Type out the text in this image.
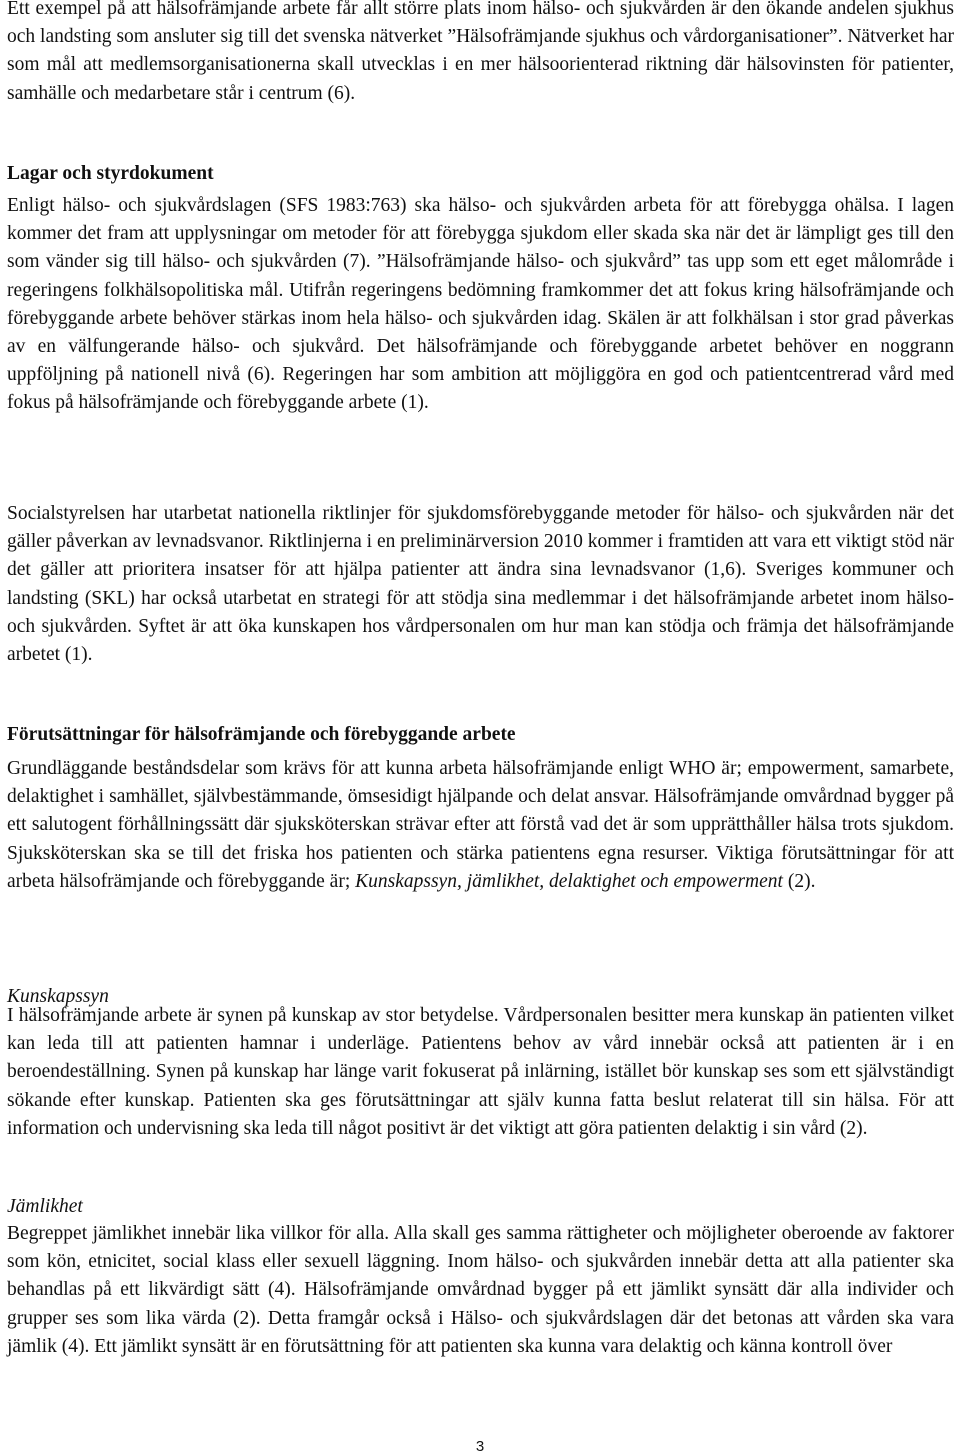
Ett exempel på att hälsofrämjande arbete får allt större plats inom hälso- och sjukvården är den ökande andelen sjukhus och landsting som ansluter sig till det svenska nätverket ”Hälsofrämjande sjukhus och vårdorganisationer”. Nätverket har som mål att medlemsorganisationerna skall utvecklas i en mer hälsoorienterad riktning där hälsovinsten för patienter, samhälle och medarbetare står i centrum (6).

Lagar och styrdokument

Enligt hälso- och sjukvårdslagen (SFS 1983:763) ska hälso- och sjukvården arbeta för att förebygga ohälsa. I lagen kommer det fram att upplysningar om metoder för att förebygga sjukdom eller skada ska när det är lämpligt ges till den som vänder sig till hälso- och sjukvården (7). ”Hälsofrämjande hälso- och sjukvård” tas upp som ett eget målområde i regeringens folkhälsopolitiska mål. Utifrån regeringens bedömning framkommer det att fokus kring hälsofrämjande och förebyggande arbete behöver stärkas inom hela hälso- och sjukvården idag. Skälen är att folkhälsan i stor grad påverkas av en välfungerande hälso- och sjukvård. Det hälsofrämjande och förebyggande arbetet behöver en noggrann uppföljning på nationell nivå (6). Regeringen har som ambition att möjliggöra en god och patientcentrerad vård med fokus på hälsofrämjande och förebyggande arbete (1).

Socialstyrelsen har utarbetat nationella riktlinjer för sjukdomsförebyggande metoder för hälso- och sjukvården när det gäller påverkan av levnadsvanor. Riktlinjerna i en preliminärversion 2010 kommer i framtiden att vara ett viktigt stöd när det gäller att prioritera insatser för att hjälpa patienter att ändra sina levnadsvanor (1,6). Sveriges kommuner och landsting (SKL) har också utarbetat en strategi för att stödja sina medlemmar i det hälsofrämjande arbetet inom hälso- och sjukvården. Syftet är att öka kunskapen hos vårdpersonalen om hur man kan stödja och främja det hälsofrämjande arbetet (1).

Förutsättningar för hälsofrämjande och förebyggande arbete

Grundläggande beståndsdelar som krävs för att kunna arbeta hälsofrämjande enligt WHO är; empowerment, samarbete, delaktighet i samhället, självbestämmande, ömsesidigt hjälpande och delat ansvar. Hälsofrämjande omvårdnad bygger på ett salutogent förhållningssätt där sjuksköterskan strävar efter att förstå vad det är som upprätthåller hälsa trots sjukdom. Sjuksköterskan ska se till det friska hos patienten och stärka patientens egna resurser. Viktiga förutsättningar för att arbeta hälsofrämjande och förebyggande är; Kunskapssyn, jämlikhet, delaktighet och empowerment (2).

Kunskapssyn

I hälsofrämjande arbete är synen på kunskap av stor betydelse. Vårdpersonalen besitter mera kunskap än patienten vilket kan leda till att patienten hamnar i underläge. Patientens behov av vård innebär också att patienten är i en beroendeställning. Synen på kunskap har länge varit fokuserat på inlärning, istället bör kunskap ses som ett självständigt sökande efter kunskap. Patienten ska ges förutsättningar att själv kunna fatta beslut relaterat till sin hälsa. För att information och undervisning ska leda till något positivt är det viktigt att göra patienten delaktig i sin vård (2).

Jämlikhet

Begreppet jämlikhet innebär lika villkor för alla. Alla skall ges samma rättigheter och möjligheter oberoende av faktorer som kön, etnicitet, social klass eller sexuell läggning. Inom hälso- och sjukvården innebär detta att alla patienter ska behandlas på ett likvärdigt sätt (4). Hälsofrämjande omvårdnad bygger på ett jämlikt synsätt där alla individer och grupper ses som lika värda (2). Detta framgår också i Hälso- och sjukvårdslagen där det betonas att vården ska vara jämlik (4). Ett jämlikt synsätt är en förutsättning för att patienten ska kunna vara delaktig och känna kontroll över

3
